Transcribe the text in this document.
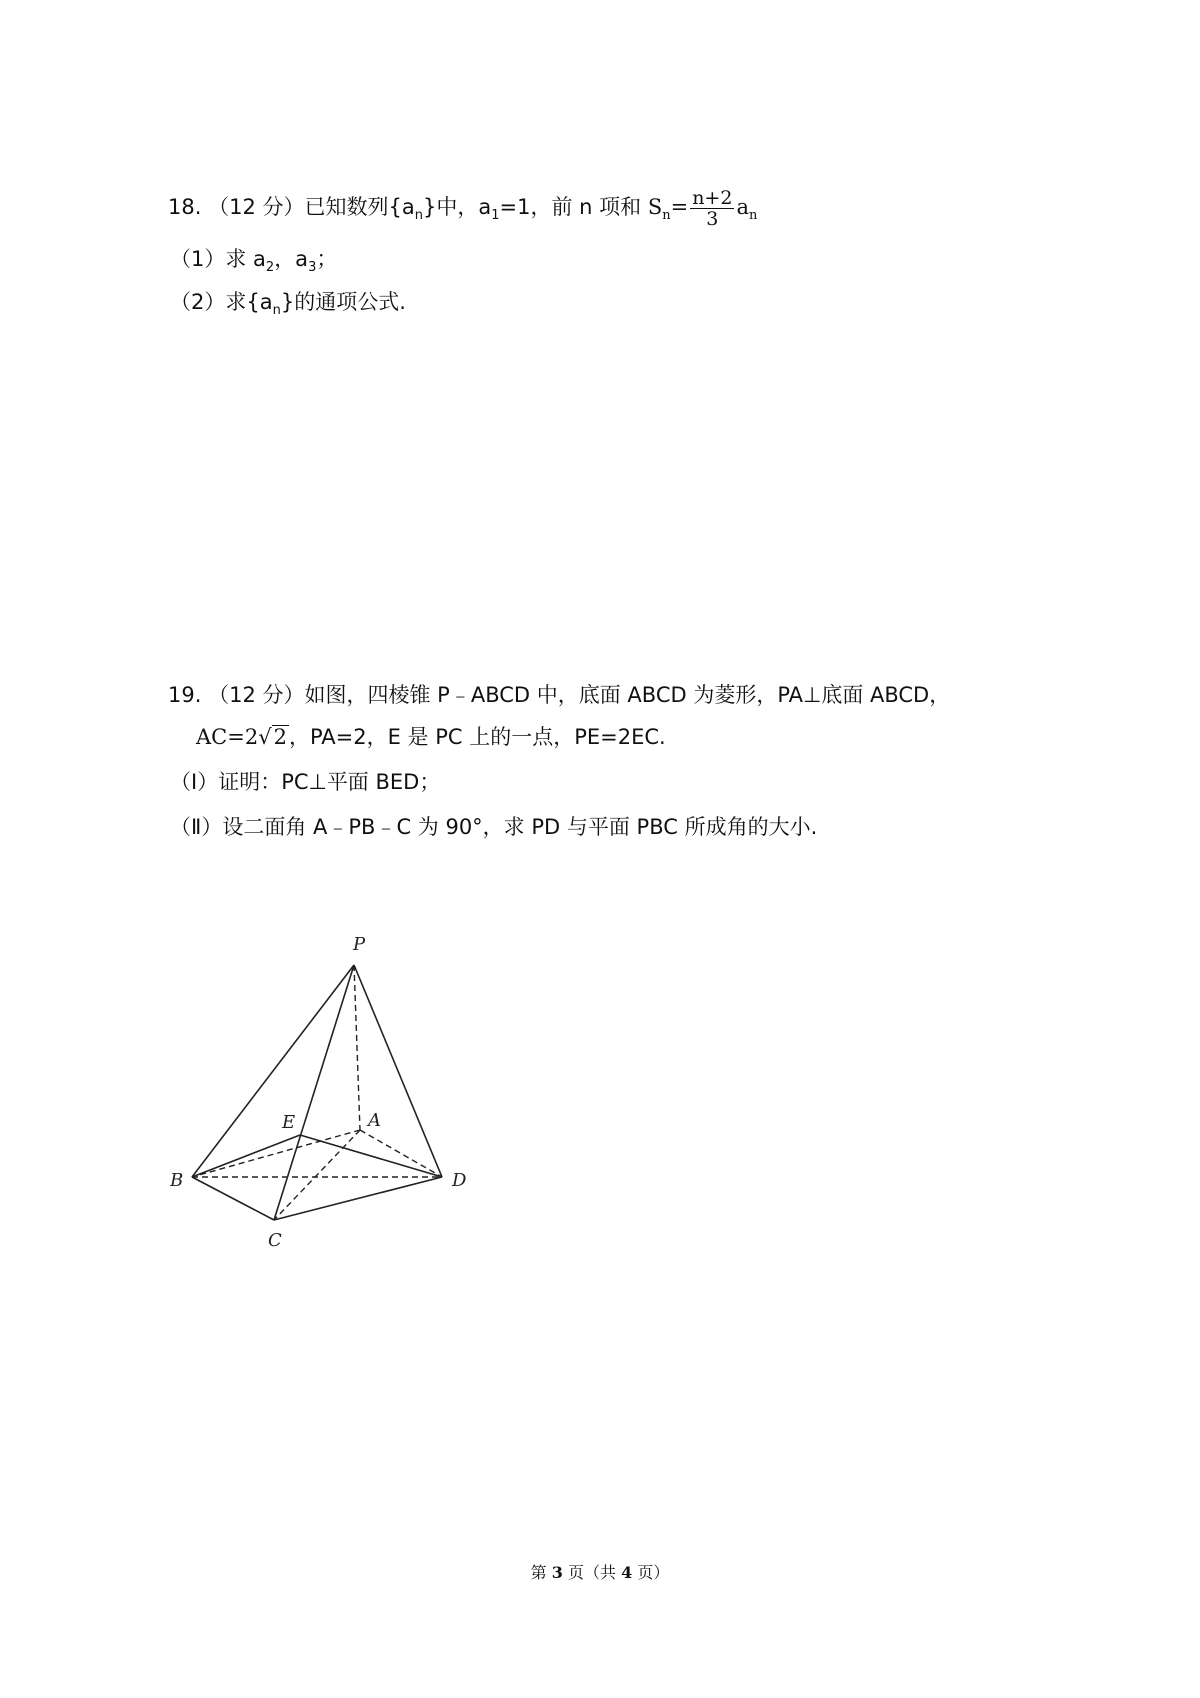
18. （12 分）已知数列$\{a_n\}$中，$a_1=1$，前 n 项和 $S_n= \frac{n+2}{3} a_n$
（1）求 $a_2$，$a_3$；
（2）求$\{a_n\}$的通项公式.
19. （12 分）如图，四棱锥 P﹣ABCD 中，底面 ABCD 为菱形，PA⊥底面 ABCD，
AC=2√2，PA=2，E 是 PC 上的一点，PE=2EC.
（Ⅰ）证明：PC⊥平面 BED；
（Ⅱ）设二面角 A﹣PB﹣C 为 90°，求 PD 与平面 PBC 所成角的大小.
P
A
E
B	D
C
第 3 页（共 4 页）
